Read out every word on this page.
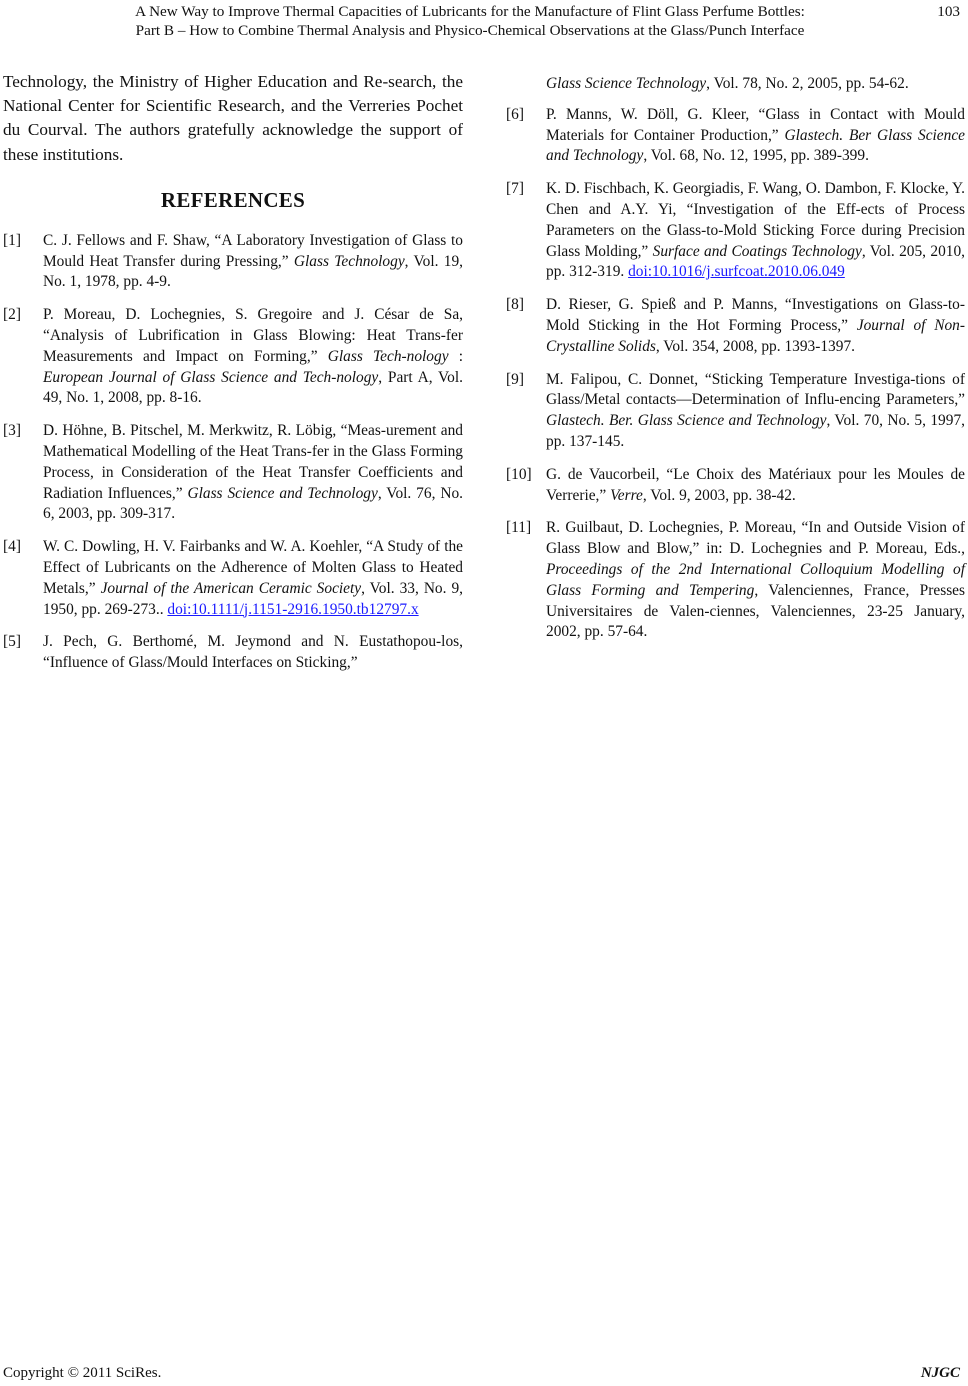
A New Way to Improve Thermal Capacities of Lubricants for the Manufacture of Flint Glass Perfume Bottles:
Part B – How to Combine Thermal Analysis and Physico-Chemical Observations at the Glass/Punch Interface
103

Technology, the Ministry of Higher Education and Re-search, the National Center for Scientific Research, and the Verreries Pochet du Courval. The authors gratefully acknowledge the support of these institutions.

REFERENCES
[1] C. J. Fellows and F. Shaw, “A Laboratory Investigation of Glass to Mould Heat Transfer during Pressing,” Glass Technology, Vol. 19, No. 1, 1978, pp. 4-9.
[2] P. Moreau, D. Lochegnies, S. Gregoire and J. César de Sa, “Analysis of Lubrification in Glass Blowing: Heat Trans-fer Measurements and Impact on Forming,” Glass Tech-nology : European Journal of Glass Science and Tech-nology, Part A, Vol. 49, No. 1, 2008, pp. 8-16.
[3] D. Höhne, B. Pitschel, M. Merkwitz, R. Löbig, “Meas-urement and Mathematical Modelling of the Heat Trans-fer in the Glass Forming Process, in Consideration of the Heat Transfer Coefficients and Radiation Influences,” Glass Science and Technology, Vol. 76, No. 6, 2003, pp. 309-317.
[4] W. C. Dowling, H. V. Fairbanks and W. A. Koehler, “A Study of the Effect of Lubricants on the Adherence of Molten Glass to Heated Metals,” Journal of the American Ceramic Society, Vol. 33, No. 9, 1950, pp. 269-273.. doi:10.1111/j.1151-2916.1950.tb12797.x
[5] J. Pech, G. Berthomé, M. Jeymond and N. Eustathopou-los, “Influence of Glass/Mould Interfaces on Sticking,”
Glass Science Technology, Vol. 78, No. 2, 2005, pp. 54-62.
[6] P. Manns, W. Döll, G. Kleer, “Glass in Contact with Mould Materials for Container Production,” Glastech. Ber Glass Science and Technology, Vol. 68, No. 12, 1995, pp. 389-399.
[7] K. D. Fischbach, K. Georgiadis, F. Wang, O. Dambon, F. Klocke, Y. Chen and A.Y. Yi, “Investigation of the Eff-ects of Process Parameters on the Glass-to-Mold Sticking Force during Precision Glass Molding,” Surface and Coatings Technology, Vol. 205, 2010, pp. 312-319. doi:10.1016/j.surfcoat.2010.06.049
[8] D. Rieser, G. Spieß and P. Manns, “Investigations on Glass-to-Mold Sticking in the Hot Forming Process,” Journal of Non-Crystalline Solids, Vol. 354, 2008, pp. 1393-1397.
[9] M. Falipou, C. Donnet, “Sticking Temperature Investiga-tions of Glass/Metal contacts—Determination of Influ-encing Parameters,” Glastech. Ber. Glass Science and Technology, Vol. 70, No. 5, 1997, pp. 137-145.
[10] G. de Vaucorbeil, “Le Choix des Matériaux pour les Moules de Verrerie,” Verre, Vol. 9, 2003, pp. 38-42.
[11] R. Guilbaut, D. Lochegnies, P. Moreau, “In and Outside Vision of Glass Blow and Blow,” in: D. Lochegnies and P. Moreau, Eds., Proceedings of the 2nd International Colloquium Modelling of Glass Forming and Tempering, Valenciennes, France, Presses Universitaires de Valen-ciennes, Valenciennes, 23-25 January, 2002, pp. 57-64.
Copyright © 2011 SciRes.	NJGC
